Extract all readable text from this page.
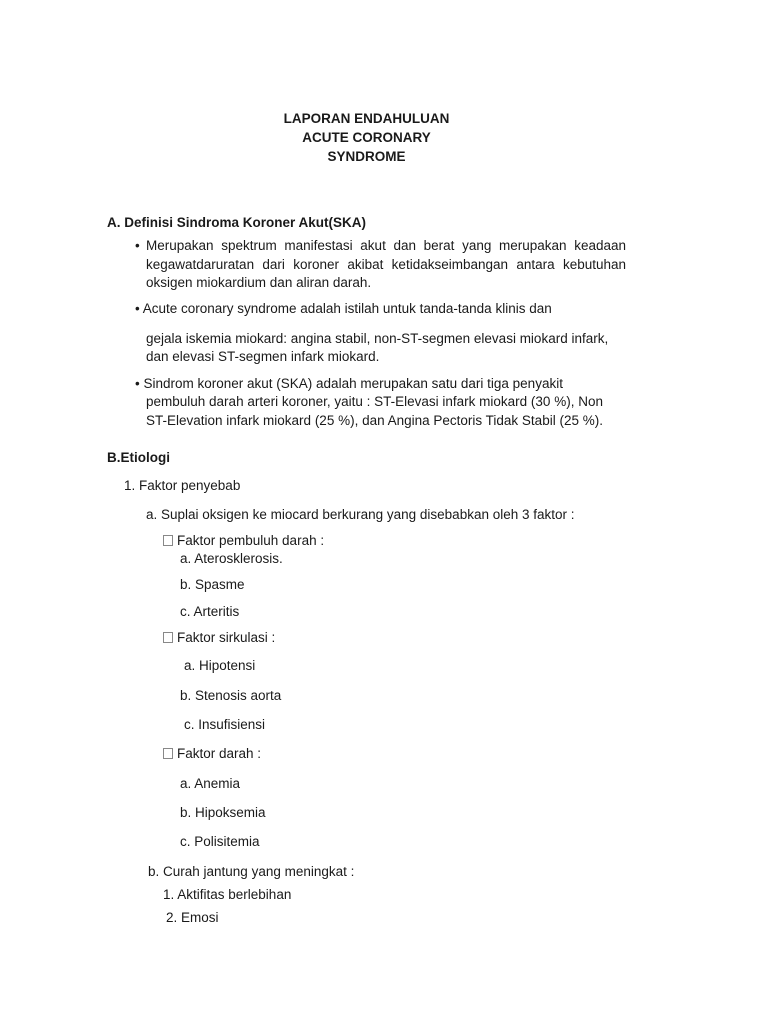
LAPORAN ENDAHULUAN
ACUTE CORONARY
SYNDROME
A. Definisi Sindroma Koroner Akut(SKA)
• Merupakan spektrum manifestasi akut dan berat yang merupakan keadaan
kegawatdaruratan dari koroner akibat ketidakseimbangan antara kebutuhan
oksigen miokardium dan aliran darah.
• Acute coronary syndrome adalah istilah untuk tanda-tanda klinis dan
gejala iskemia miokard: angina stabil, non-ST-segmen elevasi miokard infark,
dan elevasi ST-segmen infark miokard.
• Sindrom koroner akut (SKA) adalah merupakan satu dari tiga penyakit
pembuluh darah arteri koroner, yaitu : ST-Elevasi infark miokard (30 %), Non
ST-Elevation infark miokard (25 %), dan Angina Pectoris Tidak Stabil (25 %).
B.Etiologi
1. Faktor penyebab
a. Suplai oksigen ke miocard berkurang yang disebabkan oleh 3 faktor :
Faktor pembuluh darah :
a. Aterosklerosis.
b. Spasme
c. Arteritis
Faktor sirkulasi :
a. Hipotensi
b. Stenosis aorta
c. Insufisiensi
Faktor darah :
a. Anemia
b. Hipoksemia
c. Polisitemia
b. Curah jantung yang meningkat :
1. Aktifitas berlebihan
2. Emosi
